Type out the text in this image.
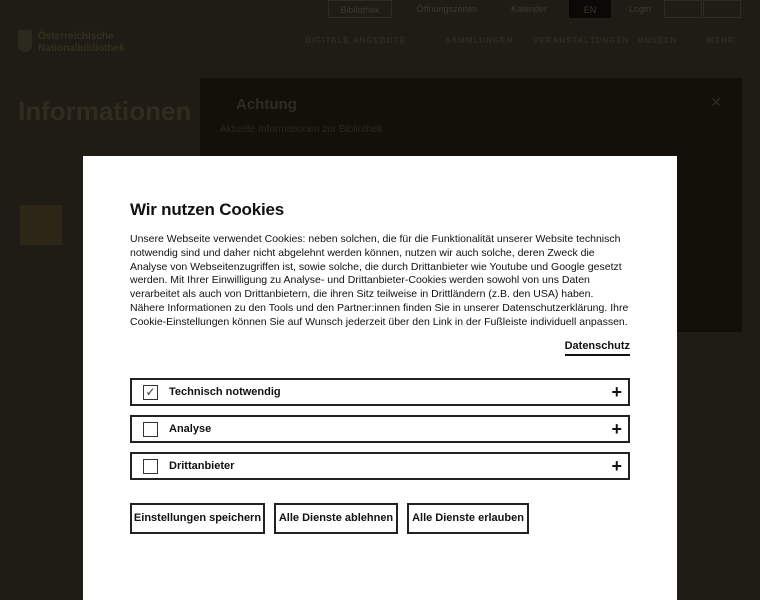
Bibliothek	Öffnungszeiten	Kalender	EN	Login
Österreichische
Nationalbibliothek
DIGITALE ANGEBOTE	SAMMLUNGEN VERANSTALTUNGEN MUSEEN	MEHR
Informationen	Achtung	✕
Aktuelle Informationen zur Bibliothek
Wir nutzen Cookies

Unsere Webseite verwendet Cookies: neben solchen, die für die Funktionalität unserer Website technisch notwendig sind und daher nicht abgelehnt werden können, nutzen wir auch solche, deren Zweck die Analyse von Webseitenzugriffen ist, sowie solche, die durch Drittanbieter wie Youtube und Google gesetzt werden. Mit Ihrer Einwilligung zu Analyse- und Drittanbieter-Cookies werden sowohl von uns Daten verarbeitet als auch von Drittanbietern, die ihren Sitz teilweise in Drittländern (z.B. den USA) haben. Nähere Informationen zu den Tools und den Partner:innen finden Sie in unserer Datenschutzerklärung. Ihre Cookie-Einstellungen können Sie auf Wunsch jederzeit über den Link in der Fußleiste individuell anpassen.

Datenschutz
✓ Technisch notwendig	+
Analyse	+
Drittanbieter	+
Einstellungen speichern	Alle Dienste ablehnen	Alle Dienste erlauben
